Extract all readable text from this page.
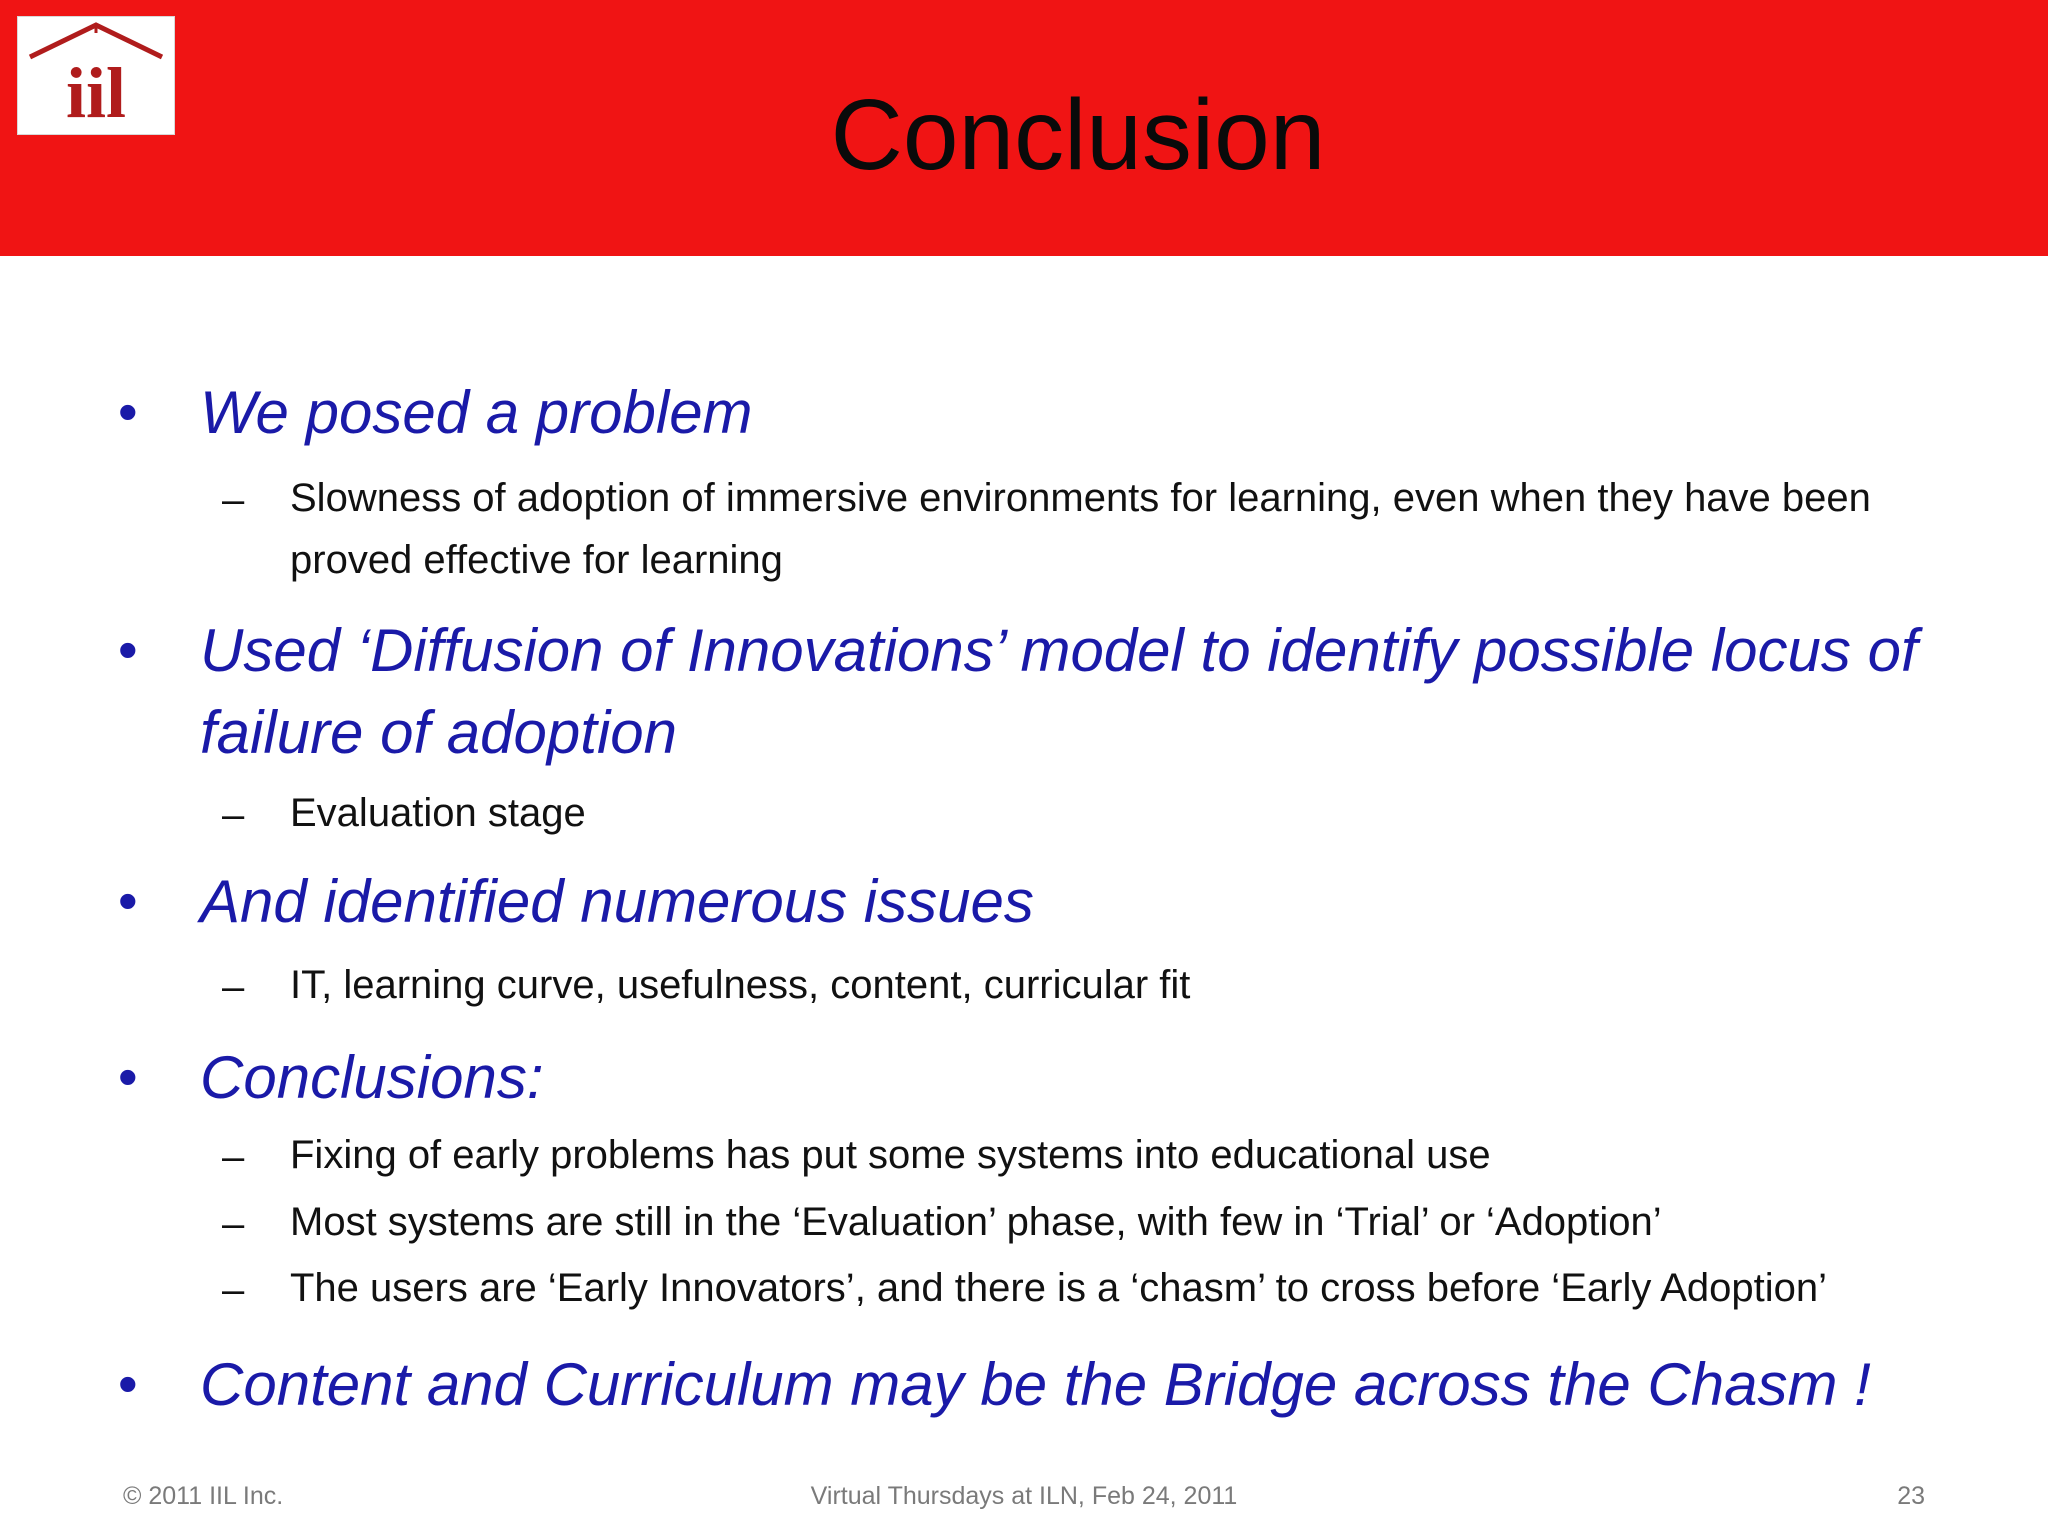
iil	Conclusion
• We posed a problem
– Slowness of adoption of immersive environments for learning, even when they have been proved effective for learning
• Used ‘Diffusion of Innovations’ model to identify possible locus of failure of adoption
– Evaluation stage
• And identified numerous issues
– IT, learning curve, usefulness, content, curricular fit
• Conclusions:
– Fixing of early problems has put some systems into educational use
– Most systems are still in the ‘Evaluation’ phase, with few in ‘Trial’ or ‘Adoption’
– The users are ‘Early Innovators’, and there is a ‘chasm’ to cross before ‘Early Adoption’
• Content and Curriculum may be the Bridge across the Chasm !
© 2011 IIL Inc.	Virtual Thursdays at ILN, Feb 24, 2011	23
